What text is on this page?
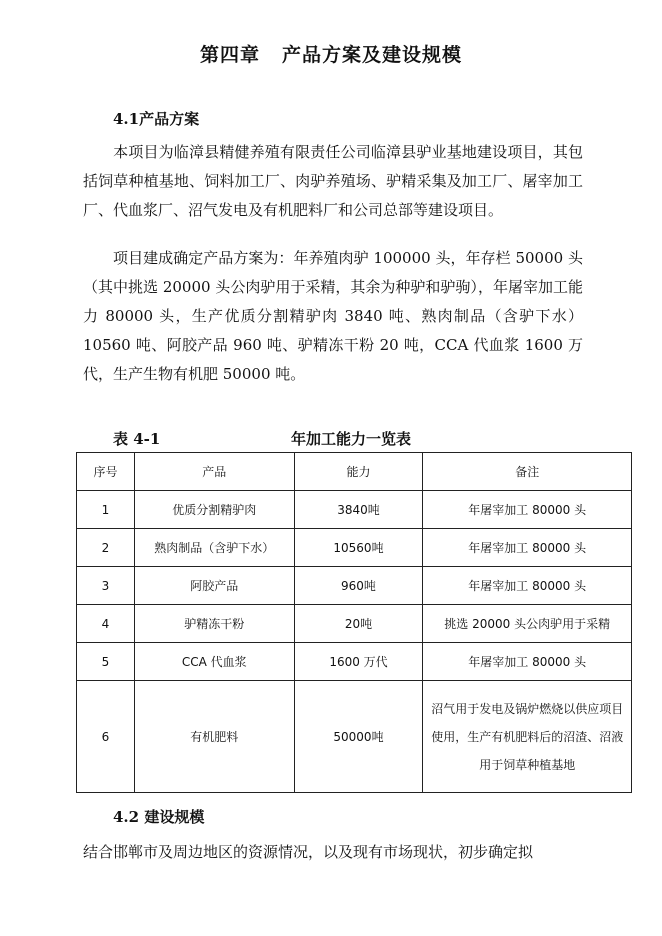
第四章 产品方案及建设规模
4.1产品方案

本项目为临漳县精健养殖有限责任公司临漳县驴业基地建设项目，其包括饲草种植基地、饲料加工厂、肉驴养殖场、驴精采集及加工厂、屠宰加工厂、代血浆厂、沼气发电及有机肥料厂和公司总部等建设项目。

项目建成确定产品方案为：年养殖肉驴 100000 头，年存栏 50000 头（其中挑选 20000 头公肉驴用于采精，其余为种驴和驴驹），年屠宰加工能力 80000 头，生产优质分割精驴肉 3840 吨、熟肉制品（含驴下水）10560 吨、阿胶产品 960 吨、驴精冻干粉 20 吨，CCA 代血浆 1600 万代，生产生物有机肥 50000 吨。

表 4-1	年加工能力一览表
序号	产品	能力	备注
1	优质分割精驴肉	3840吨	年屠宰加工 80000 头
2	熟肉制品（含驴下水）	10560吨	年屠宰加工 80000 头
3	阿胶产品	960吨	年屠宰加工 80000 头
4	驴精冻干粉	20吨	挑选 20000 头公肉驴用于采精
5	CCA 代血浆	1600 万代	年屠宰加工 80000 头
6	有机肥料	50000吨	沼气用于发电及锅炉燃烧以供应项目使用，生产有机肥料后的沼渣、沼液用于饲草种植基地
4.2 建设规模

结合邯郸市及周边地区的资源情况，以及现有市场现状，初步确定拟
